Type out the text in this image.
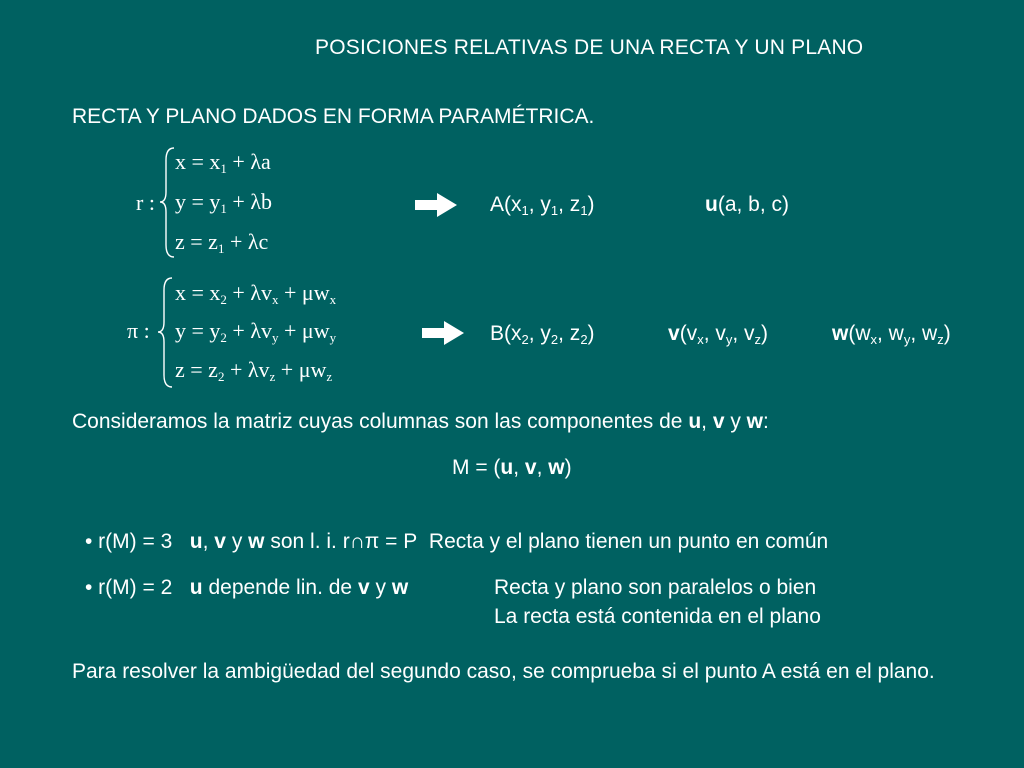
POSICIONES RELATIVAS DE UNA RECTA Y UN PLANO
RECTA Y PLANO DADOS EN FORMA PARAMÉTRICA.
r :
$x = x_1 + \lambda a$
$y = y_1 + \lambda b$
$z = z_1 + \lambda c$
$A(x_1$, $y_1$, $z_1$)	u(a, b, c)
π :
$x = x_2 + \lambda v_x + \mu w_x$
$y = y_2 + \lambda v_y + \mu w_y$
$z = z_2 + \lambda v_z + \mu w_z$
$B(x_2$, $y_2$, $z_2$)	$v(v_x$, $v_y$, $v_z$)	$w(w_x$, $w_y$, $w_z$)
Consideramos la matriz cuyas columnas son las componentes de u, v y w:
M = (u, v, w)
• r(M) = 3 u, v y w son l. i. r∩π = P Recta y el plano tienen un punto en común
• r(M) = 2 u depende lin. de v y w	Recta y plano son paralelos o bien
La recta está contenida en el plano
Para resolver la ambigüedad del segundo caso, se comprueba si el punto A está en el plano.
